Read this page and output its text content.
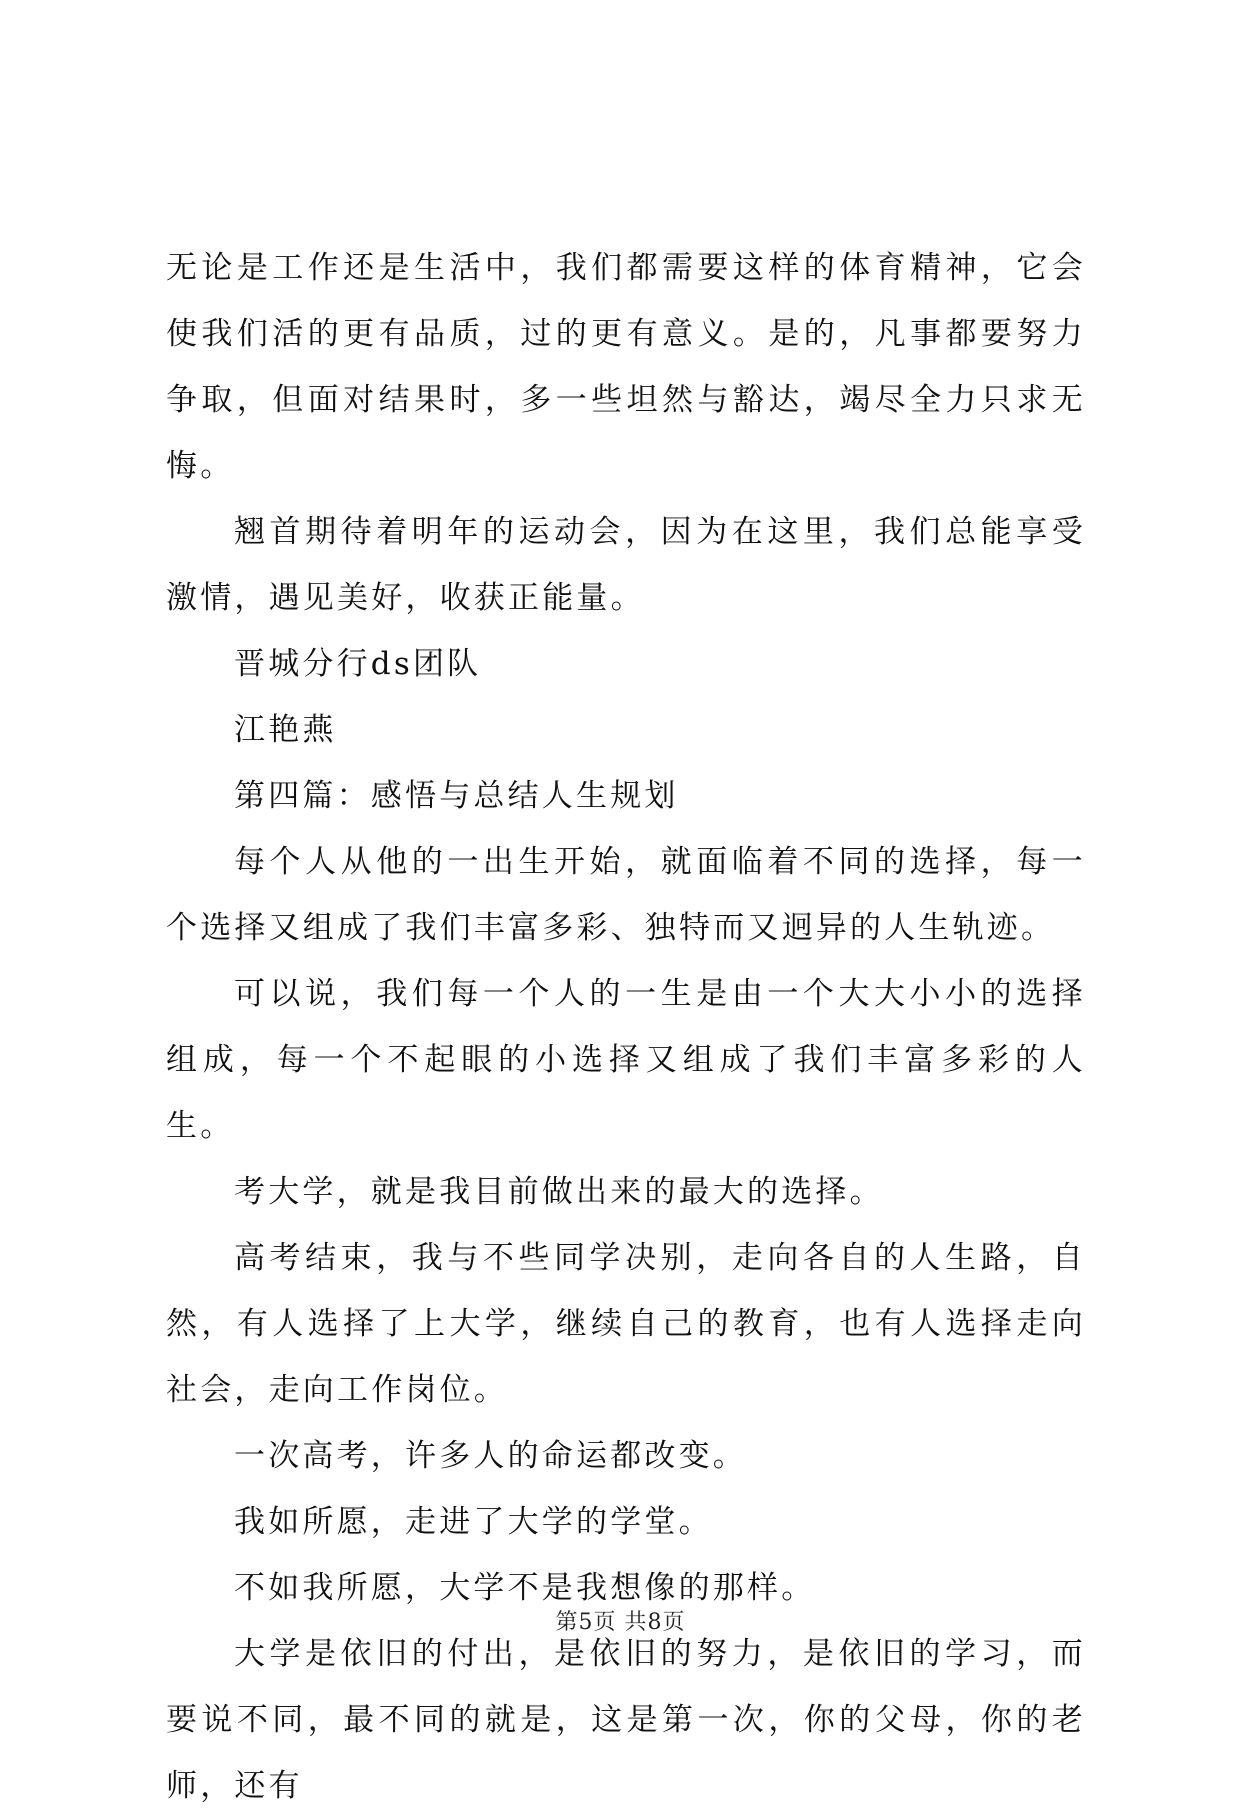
无论是工作还是生活中，我们都需要这样的体育精神，它会使我们活的更有品质，过的更有意义。是的，凡事都要努力争取，但面对结果时，多一些坦然与豁达，竭尽全力只求无悔。

翘首期待着明年的运动会，因为在这里，我们总能享受激情，遇见美好，收获正能量。

晋城分行ds团队

江艳燕

第四篇：感悟与总结人生规划

每个人从他的一出生开始，就面临着不同的选择，每一个选择又组成了我们丰富多彩、独特而又迥异的人生轨迹。

可以说，我们每一个人的一生是由一个大大小小的选择组成，每一个不起眼的小选择又组成了我们丰富多彩的人生。

考大学，就是我目前做出来的最大的选择。

高考结束，我与不些同学决别，走向各自的人生路，自然，有人选择了上大学，继续自己的教育，也有人选择走向社会，走向工作岗位。

一次高考，许多人的命运都改变。

我如所愿，走进了大学的学堂。

不如我所愿，大学不是我想像的那样。

大学是依旧的付出，是依旧的努力，是依旧的学习，而要说不同，最不同的就是，这是第一次，你的父母，你的老师，还有

第5页 共8页
